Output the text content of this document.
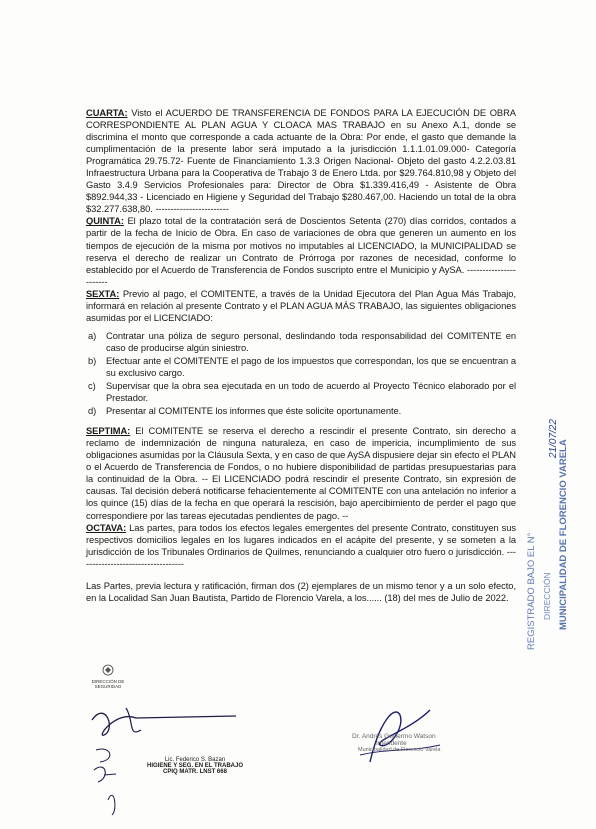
CUARTA: Visto el ACUERDO DE TRANSFERENCIA DE FONDOS PARA LA EJECUCIÓN DE OBRA CORRESPONDIENTE AL PLAN AGUA Y CLOACA MAS TRABAJO en su Anexo A.1, donde se discrimina el monto que corresponde a cada actuante de la Obra: Por ende, el gasto que demande la cumplimentación de la presente labor será imputado a la jurisdicción 1.1.1.01.09.000- Categoría Programática 29.75.72- Fuente de Financiamiento 1.3.3 Origen Nacional- Objeto del gasto 4.2.2.03.81 Infraestructura Urbana para la Cooperativa de Trabajo 3 de Enero Ltda. por $29.764.810,98 y Objeto del Gasto 3.4.9 Servicios Profesionales para: Director de Obra $1.339.416,49 - Asistente de Obra $892.944,33 - Licenciado en Higiene y Seguridad del Trabajo $280.467,00. Haciendo un total de la obra $32.277.638,80. ------------------------

QUINTA: El plazo total de la contratación será de Doscientos Setenta (270) días corridos, contados a partir de la fecha de Inicio de Obra. En caso de variaciones de obra que generen un aumento en los tiempos de ejecución de la misma por motivos no imputables al LICENCIADO, la MUNICIPALIDAD se reserva el derecho de realizar un Contrato de Prórroga por razones de necesidad, conforme lo establecido por el Acuerdo de Transferencia de Fondos suscripto entre el Municipio y AySA. -----------------------

SEXTA: Previo al pago, el COMITENTE, a través de la Unidad Ejecutora del Plan Agua Más Trabajo, informará en relación al presente Contrato y el PLAN AGUA MÁS TRABAJO, las siguientes obligaciones asumidas por el LICENCIADO:

a) Contratar una póliza de seguro personal, deslindando toda responsabilidad del COMITENTE en caso de producirse algún siniestro.
b) Efectuar ante el COMITENTE el pago de los impuestos que correspondan, los que se encuentran a su exclusivo cargo.
c) Supervisar que la obra sea ejecutada en un todo de acuerdo al Proyecto Técnico elaborado por el Prestador.
d) Presentar al COMITENTE los informes que éste solicite oportunamente.

SEPTIMA: El COMITENTE se reserva el derecho a rescindir el presente Contrato, sin derecho a reclamo de indemnización de ninguna naturaleza, en caso de impericia, incumplimiento de sus obligaciones asumidas por la Cláusula Sexta, y en caso de que AySA dispusiere dejar sin efecto el PLAN o el Acuerdo de Transferencia de Fondos, o no hubiere disponibilidad de partidas presupuestarias para la continuidad de la Obra. -- El LICENCIADO podrá rescindir el presente Contrato, sin expresión de causas. Tal decisión deberá notificarse fehacientemente al COMITENTE con una antelación no inferior a los quince (15) días de la fecha en que operará la rescisión, bajo apercibimiento de perder el pago que correspondiere por las tareas ejecutadas pendientes de pago. --

OCTAVA: Las partes, para todos los efectos legales emergentes del presente Contrato, constituyen sus respectivos domicilios legales en los lugares indicados en el acápite del presente, y se someten a la jurisdicción de los Tribunales Ordinarios de Quilmes, renunciando a cualquier otro fuero o jurisdicción. -----------------------------------

Las Partes, previa lectura y ratificación, firman dos (2) ejemplares de un mismo tenor y a un solo efecto, en la Localidad San Juan Bautista, Partido de Florencio Varela, a los...... (18) del mes de Julio de 2022.	REGISTRADO BAJO EL N° DIRECCIÓN MUNICIPALIDAD DE FLORENCIO VARELA
21/07/22
DIRECCIÓN DE SEGURIDAD
Lic. Federico S. Bazan
HIGIENE Y SEG. EN EL TRABAJO
CPIQ MATR. LNST 668
Dr. Andrés Guillermo Watson
Intendente
Municipalidad de Florencio Varela
